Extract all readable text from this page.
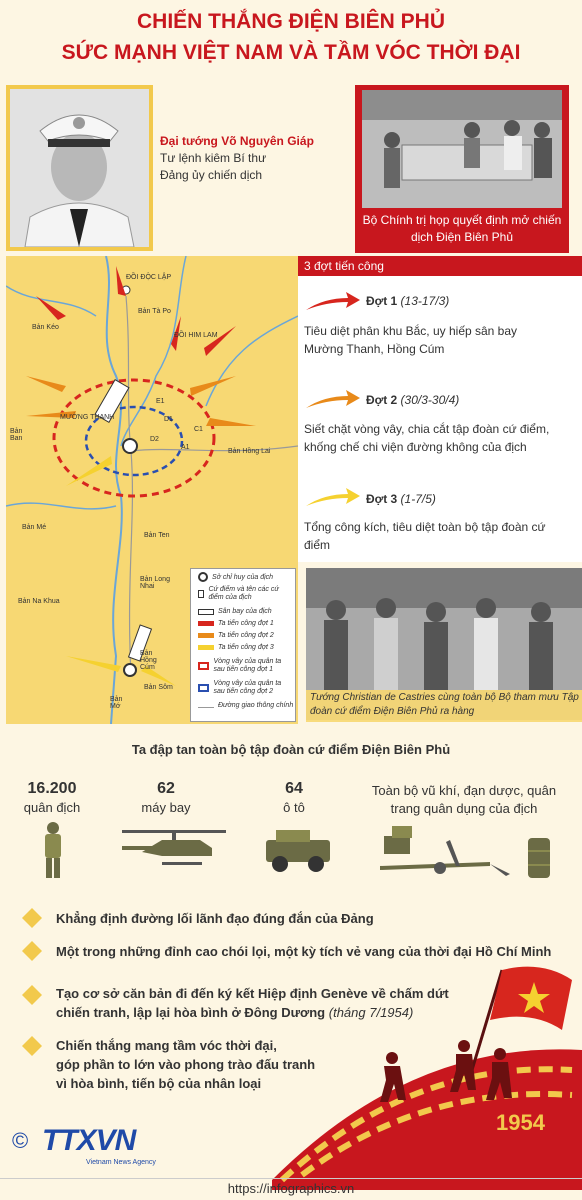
CHIẾN THẮNG ĐIỆN BIÊN PHỦ
SỨC MẠNH VIỆT NAM VÀ TẦM VÓC THỜI ĐẠI
Đại tướng Võ Nguyên Giáp
Tư lệnh kiêm Bí thư
Đảng ủy chiến dịch
Bộ Chính trị họp quyết định mở chiến dịch Điện Biên Phủ
ĐỒI ĐỘC LẬP
Bản Tà Po
ĐỒI HIM LAM
Bản Kéo
MƯỜNG THANH
Bản Ban
E1
D1
C1
D2
A1
Bản Hồng Lai
Bản Mé
Bản Ten
Bản Long Nhai
Bản Na Khua
Bản Hồng Cúm
Bản Sôm
Bản Mớ
Sở chỉ huy của địch
Cứ điểm và tên các cứ điểm của địch
Sân bay của địch
Ta tiến công đợt 1
Ta tiến công đợt 2
Ta tiến công đợt 3
Vòng vây của quân ta sau tiến công đợt 1
Vòng vây của quân ta sau tiến công đợt 2
Đường giao thông chính
3 đợt tiến công
Đợt 1 (13-17/3)
Tiêu diệt phân khu Bắc, uy hiếp sân bay Mường Thanh, Hồng Cúm
Đợt 2 (30/3-30/4)
Siết chặt vòng vây, chia cắt tập đoàn cứ điểm, khống chế chi viện đường không của địch
Đợt 3 (1-7/5)
Tổng công kích, tiêu diệt toàn bộ tập đoàn cứ điểm
Tướng Christian de Castries cùng toàn bộ Bộ tham mưu Tập đoàn cứ điểm Điện Biên Phủ ra hàng
Ta đập tan toàn bộ tập đoàn cứ điểm Điện Biên Phủ
16.200
quân địch
62
máy bay
64
ô tô
Toàn bộ vũ khí, đạn dược, quân trang quân dụng của địch
Khẳng định đường lối lãnh đạo đúng đắn của Đảng
Một trong những đỉnh cao chói lọi, một kỳ tích vẻ vang của thời đại Hồ Chí Minh
Tạo cơ sở căn bản đi đến ký kết Hiệp định Genève về chấm dứt
chiến tranh, lập lại hòa bình ở Đông Dương (tháng 7/1954)
Chiến thắng mang tầm vóc thời đại,
góp phần to lớn vào phong trào đấu tranh
vì hòa bình, tiến bộ của nhân loại
1954
© TTXVN
Vietnam News Agency
https://infographics.vn
